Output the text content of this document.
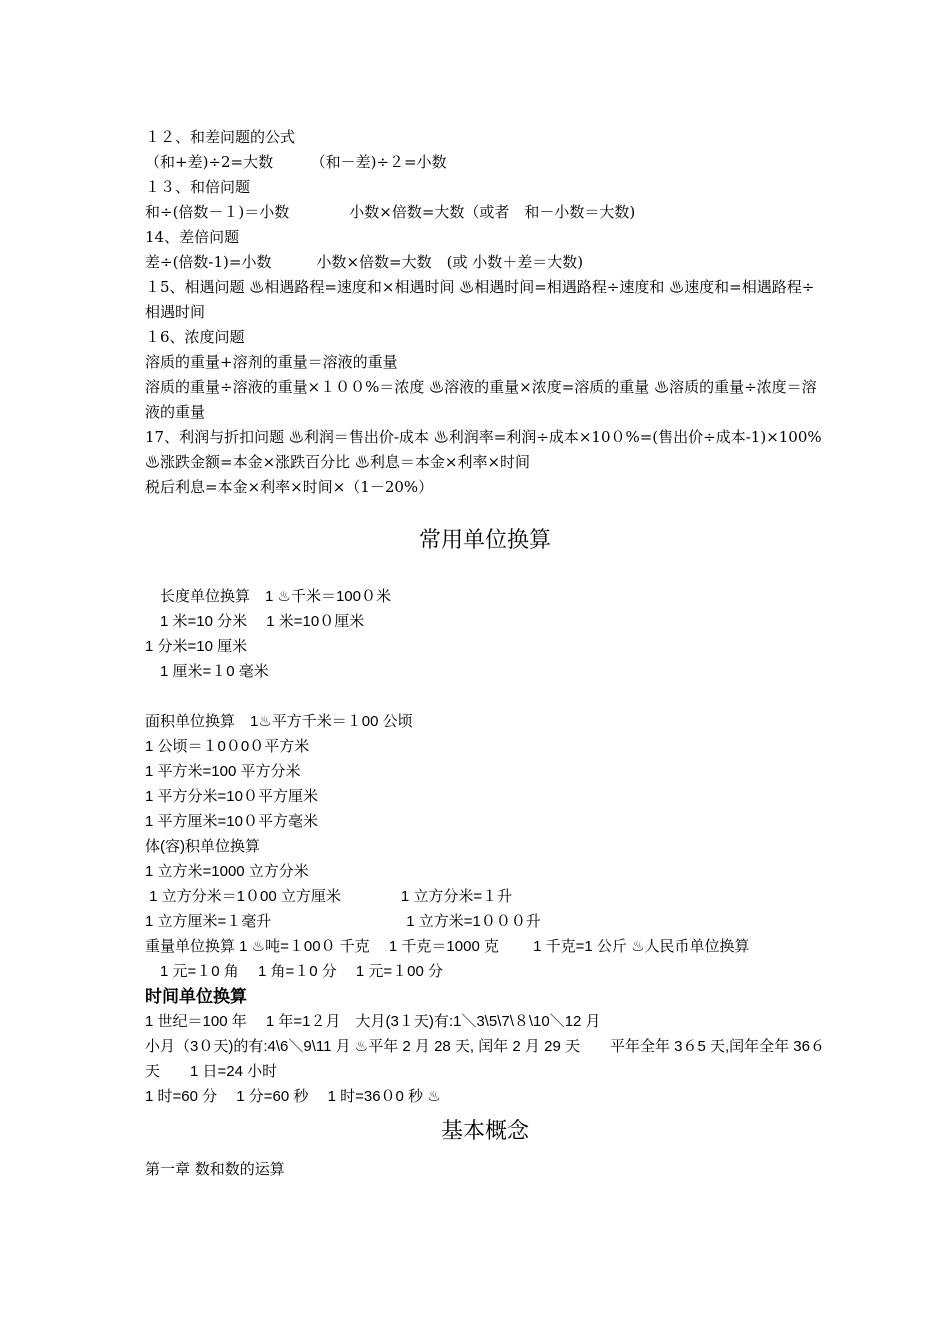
１２、和差问题的公式
（和+差)÷2=大数　　　（和－差)÷２=小数
１３、和倍问题
和÷(倍数－１)＝小数　　　　小数×倍数=大数（或者　和－小数＝大数)
14、差倍问题
差÷(倍数-1)=小数　　　小数×倍数=大数　(或 小数＋差＝大数)
１5、相遇问题 ♨相遇路程=速度和×相遇时间 ♨相遇时间=相遇路程÷速度和 ♨速度和=相遇路程÷相遇时间
１6、浓度问题
溶质的重量+溶剂的重量＝溶液的重量
溶质的重量÷溶液的重量×１００%＝浓度 ♨溶液的重量×浓度=溶质的重量 ♨溶质的重量÷浓度＝溶液的重量
17、利润与折扣问题 ♨利润＝售出价-成本 ♨利润率=利润÷成本×10０%=(售出价÷成本-1)×100% ♨涨跌金额=本金×涨跌百分比 ♨利息＝本金×利率×时间
税后利息=本金×利率×时间×（1－20%）
常用单位换算
　长度单位换算　1 ♨千米＝100０米
　1 米=10 分米　 1 米=10０厘米
1 分米=10 厘米
　1 厘米=１0 毫米
面积单位换算　1♨平方千米＝１00 公顷
1 公顷＝１0０0０平方米
1 平方米=100 平方分米
1 平方分米=10０平方厘米
1 平方厘米=10０平方毫米
体(容)积单位换算
1 立方米=1000 立方分米
1 立方分米＝1０00 立方厘米　　　　1 立方分米=１升
1 立方厘米=１毫升　　　　　　　　　1 立方米=1０００升
重量单位换算 1 ♨吨=１00０ 千克　 1 千克＝1000 克　　 1 千克=1 公斤 ♨人民币单位换算
　1 元=１0 角　 1 角=１0 分　 1 元=１00 分
时间单位换算
1 世纪＝100 年　 1 年=1２月　大月(3１天)有:1＼3\5\7\８\10＼12 月
小月（3０天)的有:4\6＼9\11 月 ♨平年 2 月 28 天, 闰年 2 月 29 天　　平年全年 3６5 天,闰年全年 36６天　　1 日=24 小时
1 时=60 分　 1 分=60 秒　 1 时=36０0 秒 ♨
基本概念
第一章 数和数的运算
